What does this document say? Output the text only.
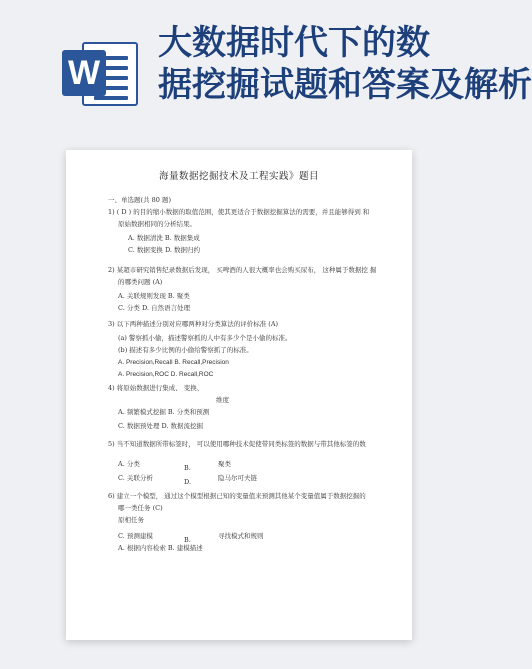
W
大数据时代下的数
据挖掘试题和答案及解析
海量数据挖掘技术及工程实践》题目
一、单选题(共 80 题)
1) ( D ) 的目的缩小数据的取值范围，使其更适合于数据挖掘算法的需要，并且能够得到 和
原始数据相同的分析结果。
A. 数据清洗 B. 数据集成
C. 数据变换 D. 数据归约
2) 某超市研究销售纪录数据后发现， 买啤酒的人很大概率也会购买尿布， 这种属于数据挖 掘
的哪类问题 (A)
A. 关联规则发现 B. 聚类
C. 分类 D. 自然语言处理
3) 以下两种描述分别对应哪两种对分类算法的评价标准 (A)
(a) 警察抓小偷，描述警察抓的人中有多少个是小偷的标准。
(b) 描述有多少比例的小偷给警察抓了的标准。
A. Precision,Recall B. Recall,Precision
A. Precision,ROC D. Recall,ROC
4) 将原始数据进行集成、 变换、
维度
A. 频繁模式挖掘 B. 分类和预测
C. 数据预处理 D. 数据流挖掘
5) 当不知道数据所带标签时， 可以使用哪种技术促使带同类标签的数据与带其他标签的数
A. 分类	B.	聚类
C. 关联分析	D.	隐马尔可夫链
6) 建立一个模型， 通过这个模型根据已知的变量值来预测其他某个变量值属于数据挖掘的
哪一类任务 (C)
原相任务
C. 预测建模	B.	寻找模式和规则
A. 根据内容检索 B. 建模描述
